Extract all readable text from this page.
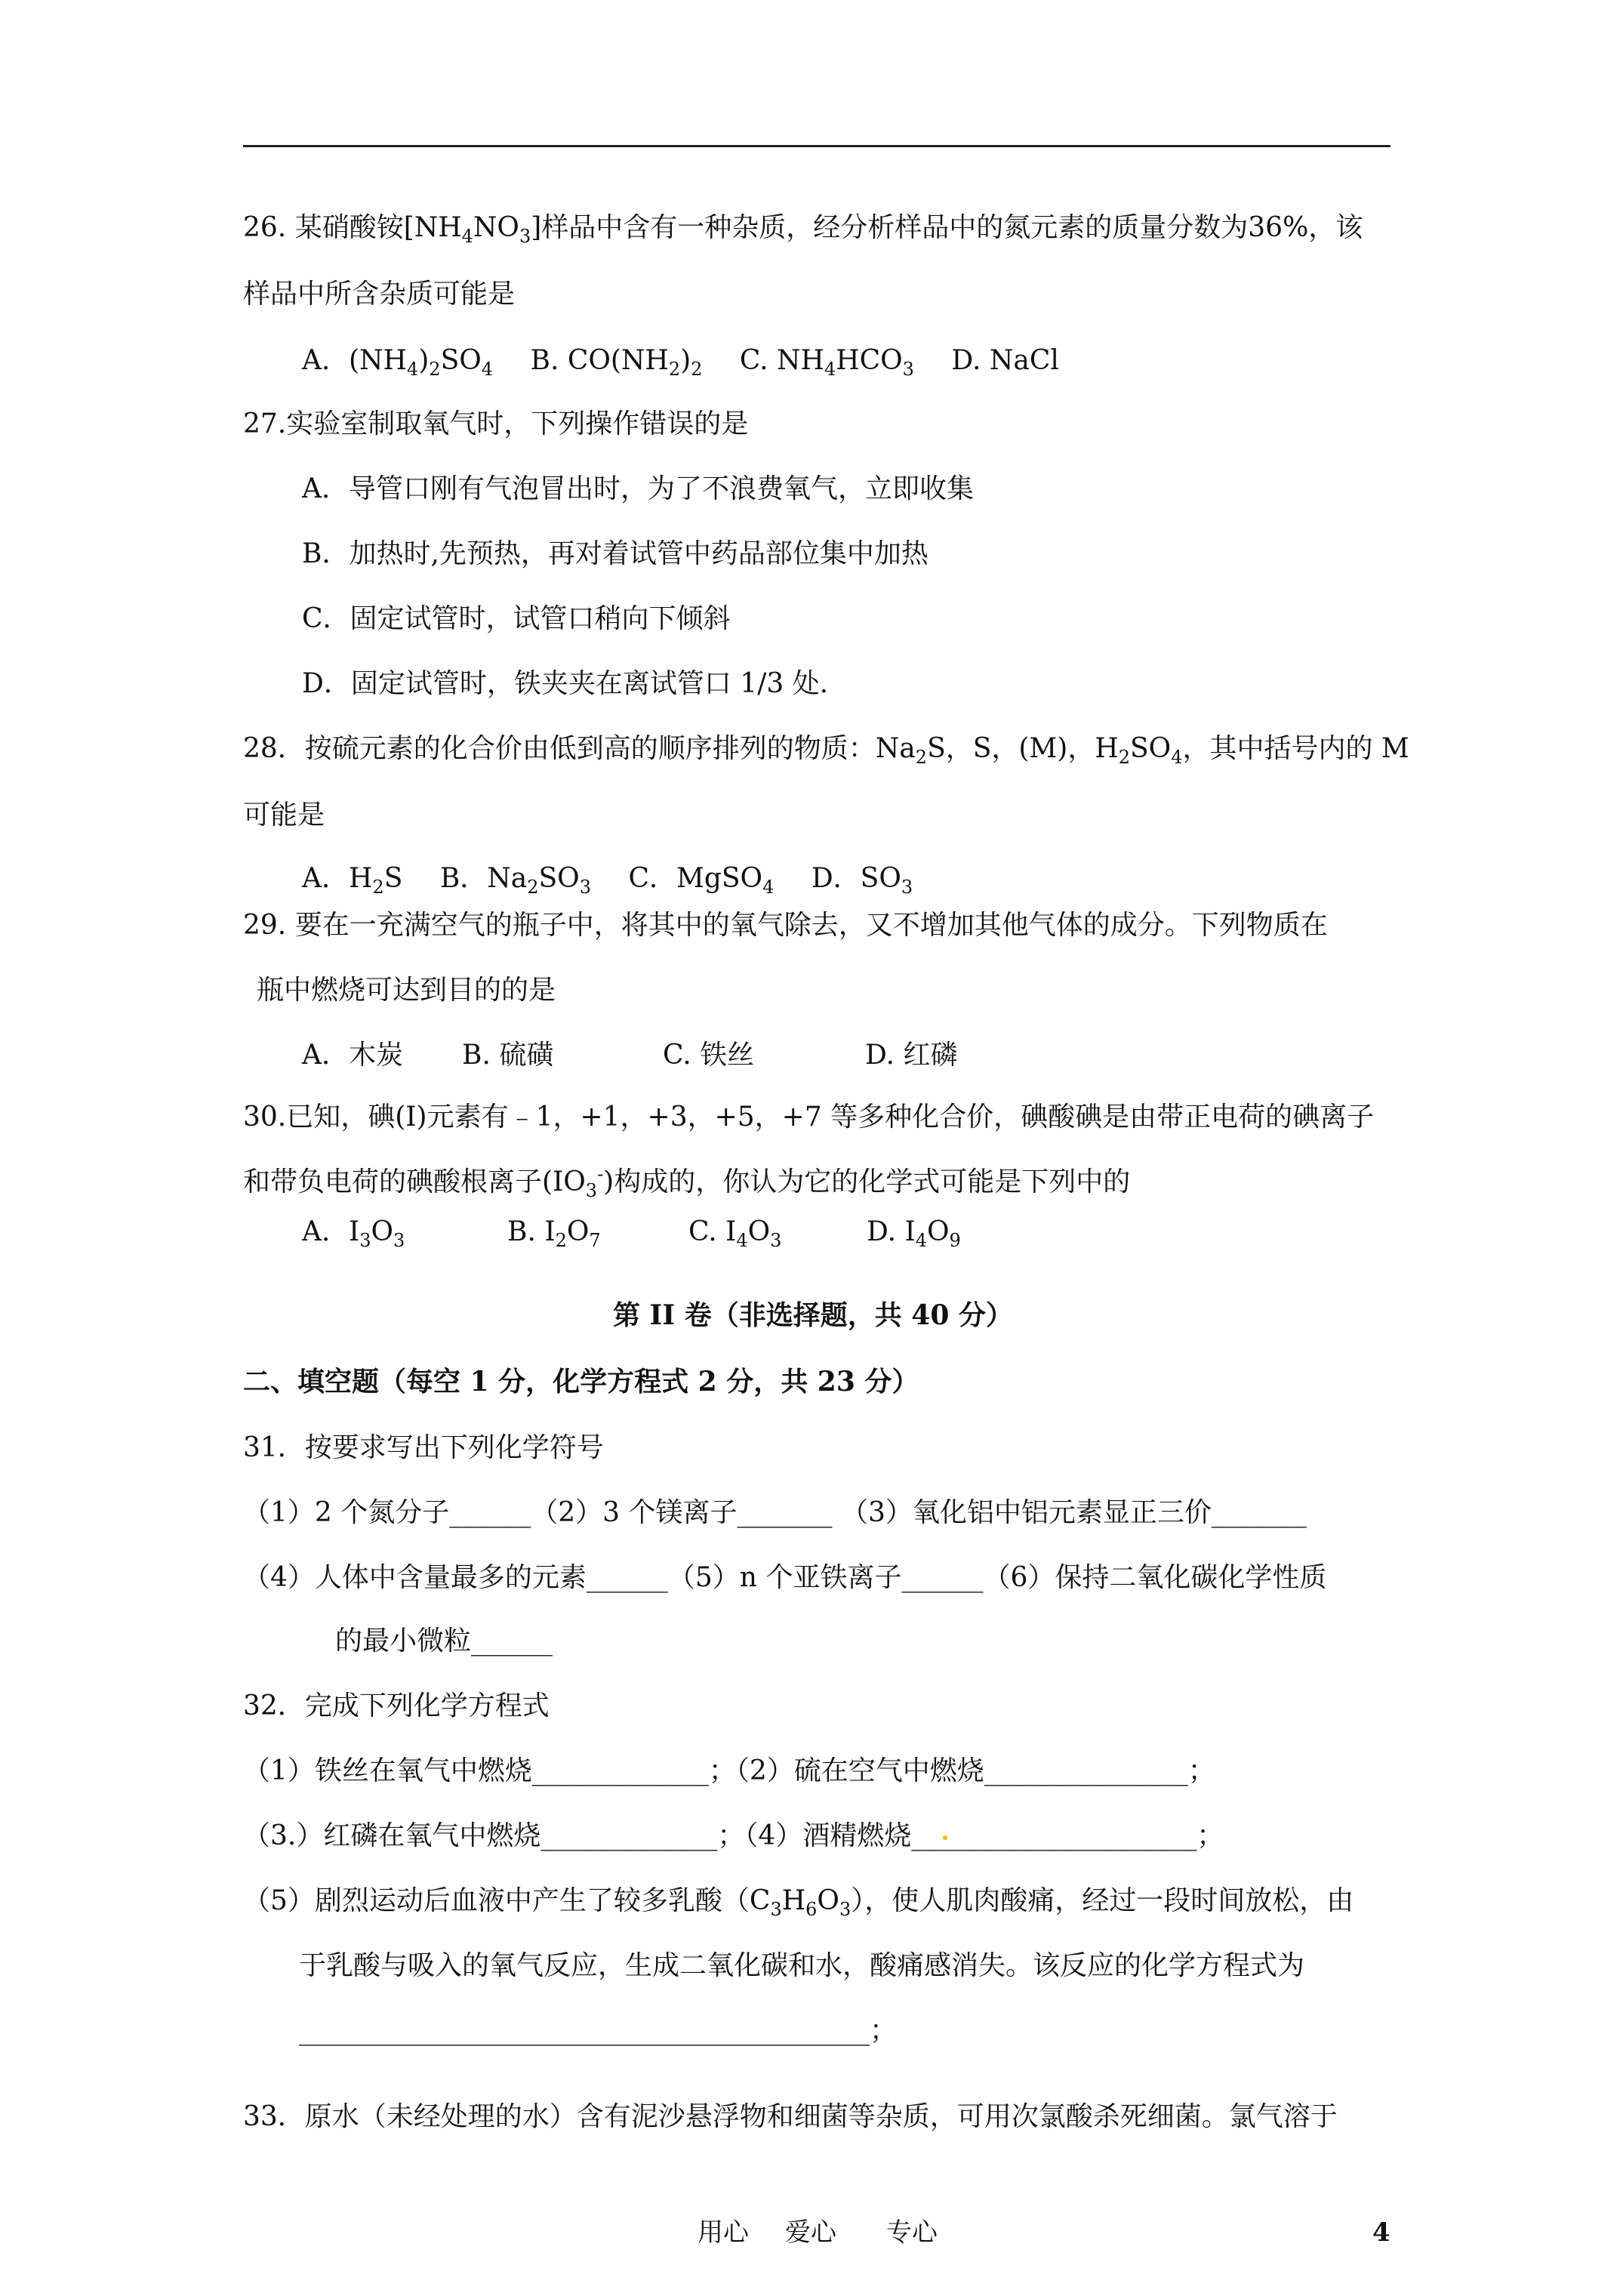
26. 某硝酸铵$[NH_4NO_3]$样品中含有一种杂质，经分析样品中的氮元素的质量分数为36%，该
样品中所含杂质可能是
A．$(NH_4)_2SO_4$ B. $CO(NH_2)_2$ C. $NH_4HCO_3$ D. NaCl
27.实验室制取氧气时，下列操作错误的是
A．导管口刚有气泡冒出时，为了不浪费氧气，立即收集
B．加热时,先预热，再对着试管中药品部位集中加热
C．固定试管时，试管口稍向下倾斜
D．固定试管时，铁夹夹在离试管口 1/3 处.
28．按硫元素的化合价由低到高的顺序排列的物质：$Na_2S$，S，(M)，$H_2SO_4$，其中括号内的 M
可能是
A．$H_2S$ B．$Na_2SO_3$ C．MgSO$_4$ D．$SO_3$
29. 要在一充满空气的瓶子中，将其中的氧气除去，又不增加其他气体的成分。下列物质在
瓶中燃烧可达到目的的是
A．木炭 B. 硫磺	C. 铁丝	D. 红磷
30.已知，碘(I)元素有﹣1，+1，+3，+5，+7 等多种化合价，碘酸碘是由带正电荷的碘离子
和带负电荷的碘酸根离子$(IO_3^-)$构成的，你认为它的化学式可能是下列中的
A．$I_3O_3$	B. $I_2O_7$	C. $I_4O_3$	D. $I_4O_9$
第 II 卷（非选择题，共 40 分）
二、填空题（每空 1 分，化学方程式 2 分，共 23 分）
31．按要求写出下列化学符号
（1）2 个氮分子______（2）3 个镁离子_______ （3）氧化铝中铝元素显正三价_______
（4）人体中含量最多的元素______（5）n 个亚铁离子______（6）保持二氧化碳化学性质
的最小微粒______
32．完成下列化学方程式
（1）铁丝在氧气中燃烧_____________；（2）硫在空气中燃烧_______________；
（3.）红磷在氧气中燃烧_____________；（4）酒精燃烧_____________________；
（5）剧烈运动后血液中产生了较多乳酸$(C_3H_6O_3)$，使人肌肉酸痛，经过一段时间放松，由
于乳酸与吸入的氧气反应，生成二氧化碳和水，酸痛感消失。该反应的化学方程式为
__________________________________________；
33．原水（未经处理的水）含有泥沙悬浮物和细菌等杂质，可用次氯酸杀死细菌。氯气溶于
用心 爱心 专心	4
